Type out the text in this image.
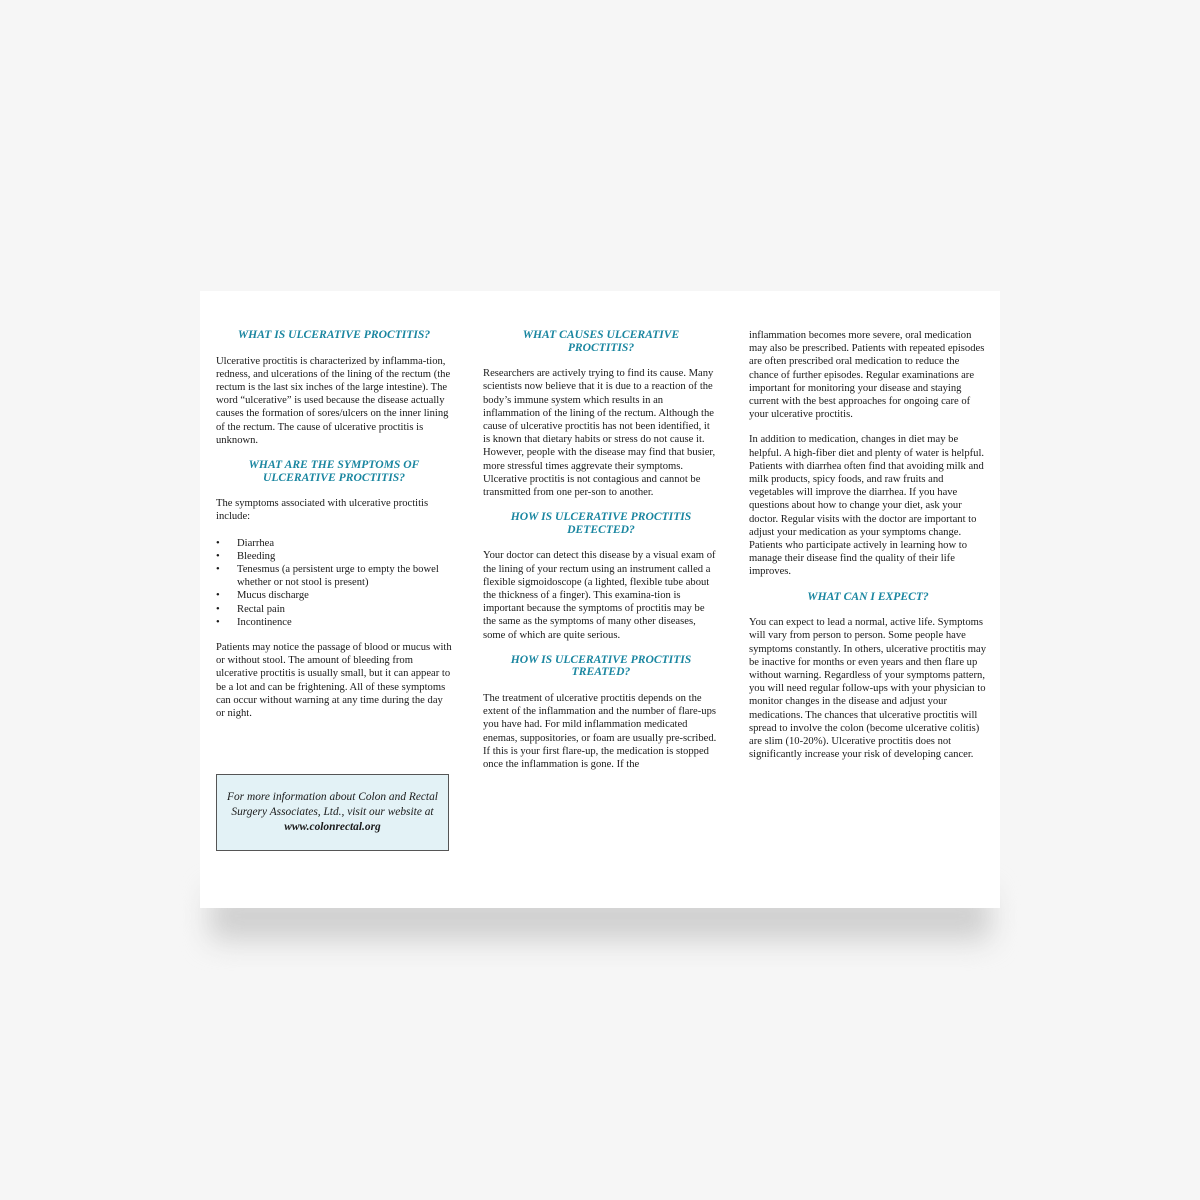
WHAT IS ULCERATIVE PROCTITIS?

Ulcerative proctitis is characterized by inflamma-tion, redness, and ulcerations of the lining of the rectum (the rectum is the last six inches of the large intestine). The word “ulcerative” is used because the disease actually causes the formation of sores/ulcers on the inner lining of the rectum. The cause of ulcerative proctitis is unknown.

WHAT ARE THE SYMPTOMS OF ULCERATIVE PROCTITIS?

The symptoms associated with ulcerative proctitis include:

• Diarrhea
• Bleeding
• Tenesmus (a persistent urge to empty the bowel whether or not stool is present)
• Mucus discharge
• Rectal pain
• Incontinence

Patients may notice the passage of blood or mucus with or without stool. The amount of bleeding from ulcerative proctitis is usually small, but it can appear to be a lot and can be frightening. All of these symptoms can occur without warning at any time during the day or night.

For more information about Colon and Rectal Surgery Associates, Ltd., visit our website at www.colonrectal.org
WHAT CAUSES ULCERATIVE PROCTITIS?

Researchers are actively trying to find its cause. Many scientists now believe that it is due to a reaction of the body’s immune system which results in an inflammation of the lining of the rectum. Although the cause of ulcerative proctitis has not been identified, it is known that dietary habits or stress do not cause it. However, people with the disease may find that busier, more stressful times aggrevate their symptoms. Ulcerative proctitis is not contagious and cannot be transmitted from one per-son to another.

HOW IS ULCERATIVE PROCTITIS DETECTED?

Your doctor can detect this disease by a visual exam of the lining of your rectum using an instrument called a flexible sigmoidoscope (a lighted, flexible tube about the thickness of a finger). This examina-tion is important because the symptoms of proctitis may be the same as the symptoms of many other diseases, some of which are quite serious.

HOW IS ULCERATIVE PROCTITIS TREATED?

The treatment of ulcerative proctitis depends on the extent of the inflammation and the number of flare-ups you have had. For mild inflammation medicated enemas, suppositories, or foam are usually pre-scribed. If this is your first flare-up, the medication is stopped once the inflammation is gone. If the

inflammation becomes more severe, oral medication may also be prescribed. Patients with repeated episodes are often prescribed oral medication to reduce the chance of further episodes. Regular examinations are important for monitoring your disease and staying current with the best approaches for ongoing care of your ulcerative proctitis.

In addition to medication, changes in diet may be helpful. A high-fiber diet and plenty of water is helpful. Patients with diarrhea often find that avoiding milk and milk products, spicy foods, and raw fruits and vegetables will improve the diarrhea. If you have questions about how to change your diet, ask your doctor. Regular visits with the doctor are important to adjust your medication as your symptoms change. Patients who participate actively in learning how to manage their disease find the quality of their life improves.

WHAT CAN I EXPECT?

You can expect to lead a normal, active life. Symptoms will vary from person to person. Some people have symptoms constantly. In others, ulcerative proctitis may be inactive for months or even years and then flare up without warning. Regardless of your symptoms pattern, you will need regular follow-ups with your physician to monitor changes in the disease and adjust your medications. The chances that ulcerative proctitis will spread to involve the colon (become ulcerative colitis) are slim (10-20%). Ulcerative proctitis does not significantly increase your risk of developing cancer.
